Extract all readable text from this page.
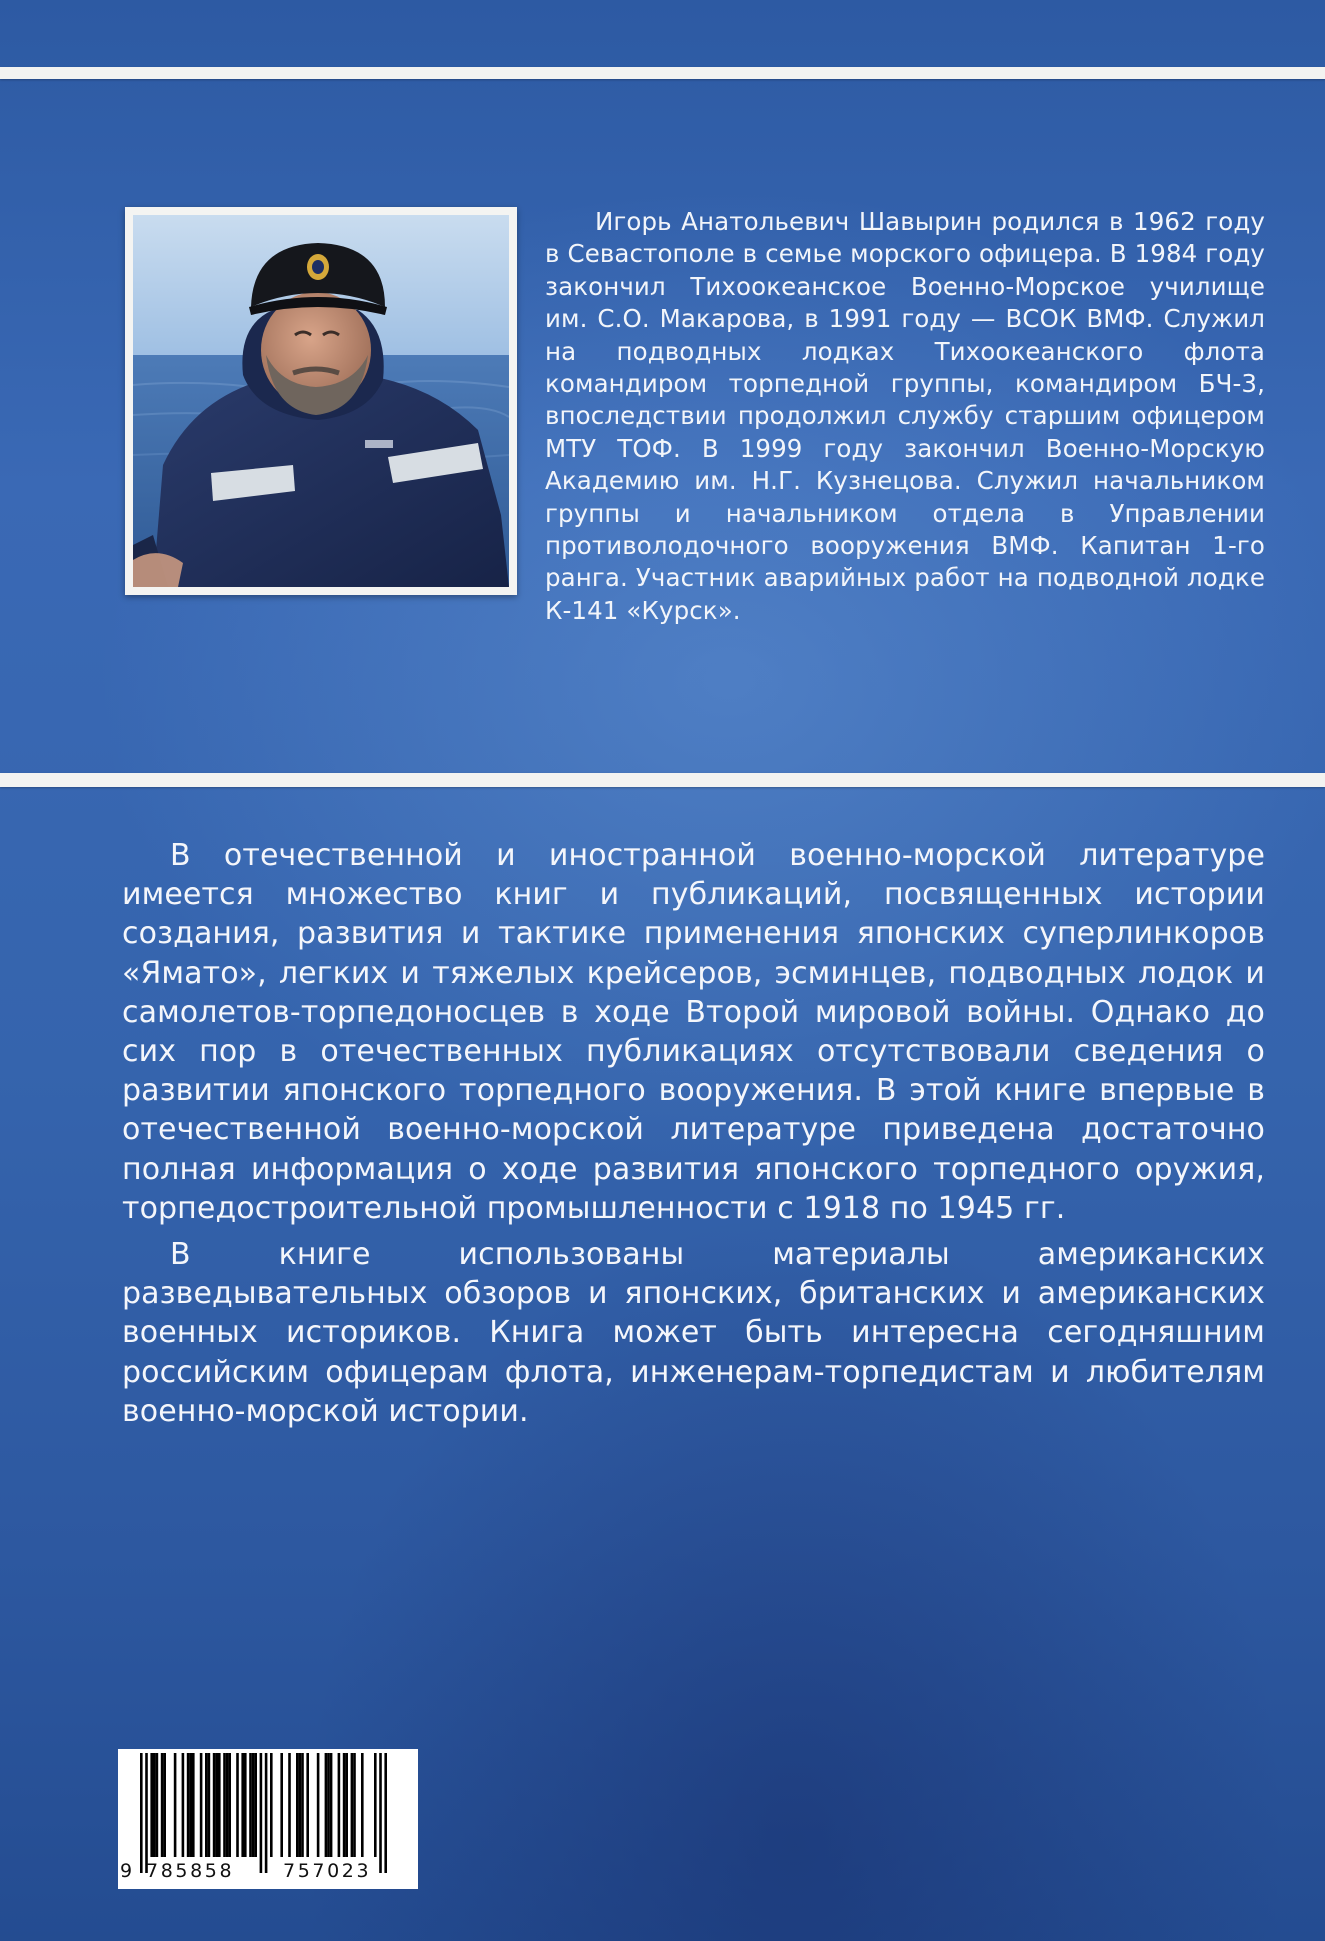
Игорь Анатольевич Шавырин родился в 1962 году в Севастополе в семье морского офицера. В 1984 году закончил Тихоокеанское Военно-Морское училище им. С.О. Макарова, в 1991 году — ВСОК ВМФ. Служил на подводных лодках Тихоокеанского флота командиром торпедной группы, командиром БЧ-3, впоследствии продолжил службу старшим офицером МТУ ТОФ. В 1999 году закончил Военно-Морскую Академию им. Н.Г. Кузнецова. Служил начальником группы и начальником отдела в Управлении противолодочного вооружения ВМФ. Капитан 1-го ранга. Участник аварийных работ на подводной лодке К-141 «Курск».

В отечественной и иностранной военно-морской литературе имеется множество книг и публикаций, посвященных истории создания, развития и тактике применения японских суперлинкоров «Ямато», легких и тяжелых крейсеров, эсминцев, подводных лодок и самолетов-торпедоносцев в ходе Второй мировой войны. Однако до сих пор в отечественных публикациях отсутствовали сведения о развитии японского торпедного вооружения. В этой книге впервые в отечественной военно-морской литературе приведена достаточно полная информация о ходе развития японского торпедного оружия, торпедостроительной промышленности с 1918 по 1945 гг.

В книге использованы материалы американских разведывательных обзоров и японских, британских и американских военных историков. Книга может быть интересна сегодняшним российским офицерам флота, инженерам-торпедистам и любителям военно-морской истории.

9 785858	757023
